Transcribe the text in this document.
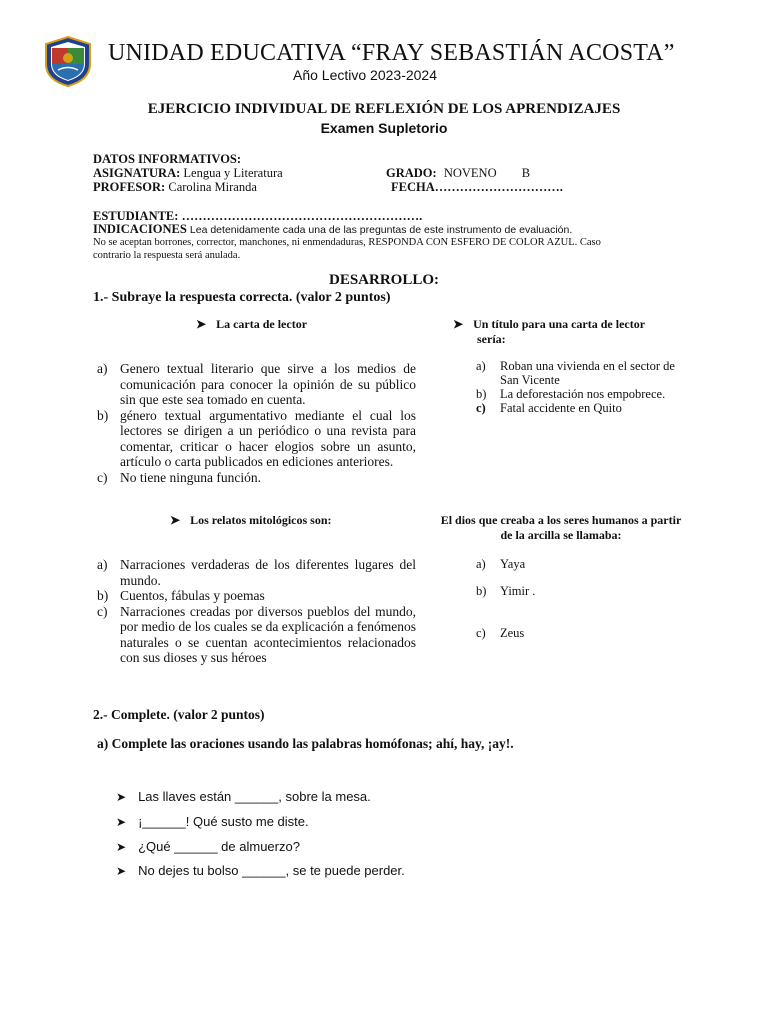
UNIDAD EDUCATIVA “FRAY SEBASTIÁN ACOSTA”
Año Lectivo 2023-2024
EJERCICIO INDIVIDUAL DE REFLEXIÓN DE LOS APRENDIZAJES
Examen Supletorio
DATOS INFORMATIVOS:
ASIGNATURA: Lengua y Literatura	GRADO: NOVENO B
PROFESOR: Carolina Miranda	FECHA………………………….
ESTUDIANTE: ………………………………………………….
INDICACIONES Lea detenidamente cada una de las preguntas de este instrumento de evaluación.
No se aceptan borrones, corrector, manchones, ni enmendaduras, RESPONDA CON ESFERO DE COLOR AZUL. Caso
contrario la respuesta será anulada.
DESARROLLO:
1.- Subraye la respuesta correcta. (valor 2 puntos)
➤ La carta de lector
a) Genero textual literario que sirve a los medios de comunicación para conocer la opinión de su público sin que este sea tomado en cuenta.
b) género textual argumentativo mediante el cual los lectores se dirigen a un periódico o una revista para comentar, criticar o hacer elogios sobre un asunto, artículo o carta publicados en ediciones anteriores.
c) No tiene ninguna función.
➤ Un título para una carta de lector
sería:
a)	Roban una vivienda en el sector de San Vicente
b)	La deforestación nos empobrece.
c)	Fatal accidente en Quito
➤ Los relatos mitológicos son:
a) Narraciones verdaderas de los diferentes lugares del mundo.
b) Cuentos, fábulas y poemas
c) Narraciones creadas por diversos pueblos del mundo, por medio de los cuales se da explicación a fenómenos naturales o se cuentan acontecimientos relacionados con sus dioses y sus héroes
El dios que creaba a los seres humanos a partir
de la arcilla se llamaba:
a)	Yaya
b)	Yimir .
c)	Zeus
2.- Complete. (valor 2 puntos)
a) Complete las oraciones usando las palabras homófonas; ahí, hay, ¡ay!.
➤ Las llaves están ______, sobre la mesa.
➤ ¡______! Qué susto me diste.
➤ ¿Qué ______ de almuerzo?
➤ No dejes tu bolso ______, se te puede perder.
